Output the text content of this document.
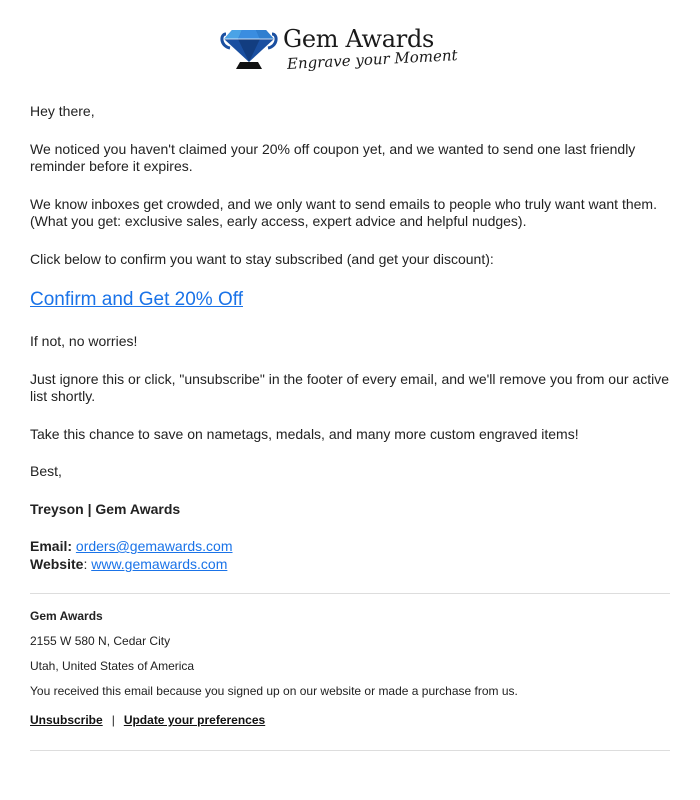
Gem Awards
Engrave your Moment

Hey there,

We noticed you haven't claimed your 20% off coupon yet, and we wanted to send one last friendly reminder before it expires.

We know inboxes get crowded, and we only want to send emails to people who truly want want them. (What you get: exclusive sales, early access, expert advice and helpful nudges).

Click below to confirm you want to stay subscribed (and get your discount):

Confirm and Get 20% Off

If not, no worries!

Just ignore this or click, "unsubscribe" in the footer of every email, and we'll remove you from our active list shortly.

Take this chance to save on nametags, medals, and many more custom engraved items!

Best,

Treyson | Gem Awards

Email: orders@gemawards.com

Website: www.gemawards.com

Gem Awards
2155 W 580 N, Cedar City
Utah, United States of America
You received this email because you signed up on our website or made a purchase from us.
Unsubscribe | Update your preferences
